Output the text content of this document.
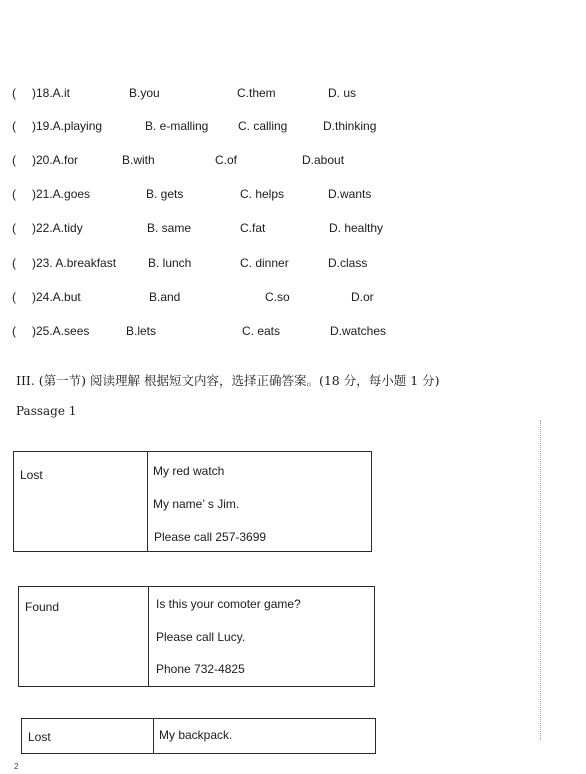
( )18.A.it	B.you	C.them	D. us
( )19.A.playing	B. e-malling C. calling	D.thinking
( )20.A.for	B.with	C.of	D.about
( )21.A.goes	B. gets	C. helps	D.wants
( )22.A.tidy	B. same	C.fat	D. healthy
( )23. A.breakfast	B. lunch	C. dinner	D.class
( )24.A.but	B.and	C.so	D.or
( )25.A.sees	B.lets	C. eats	D.watches
III. (第一节) 阅读理解 根据短文内容，选择正确答案。(18 分，每小题 1 分)
Passage 1
Lost	My red watch
My name’ s Jim.
Please call 257-3699
Found	Is this your comoter game?
Please call Lucy.
Phone 732-4825
Lost	My backpack.
2
